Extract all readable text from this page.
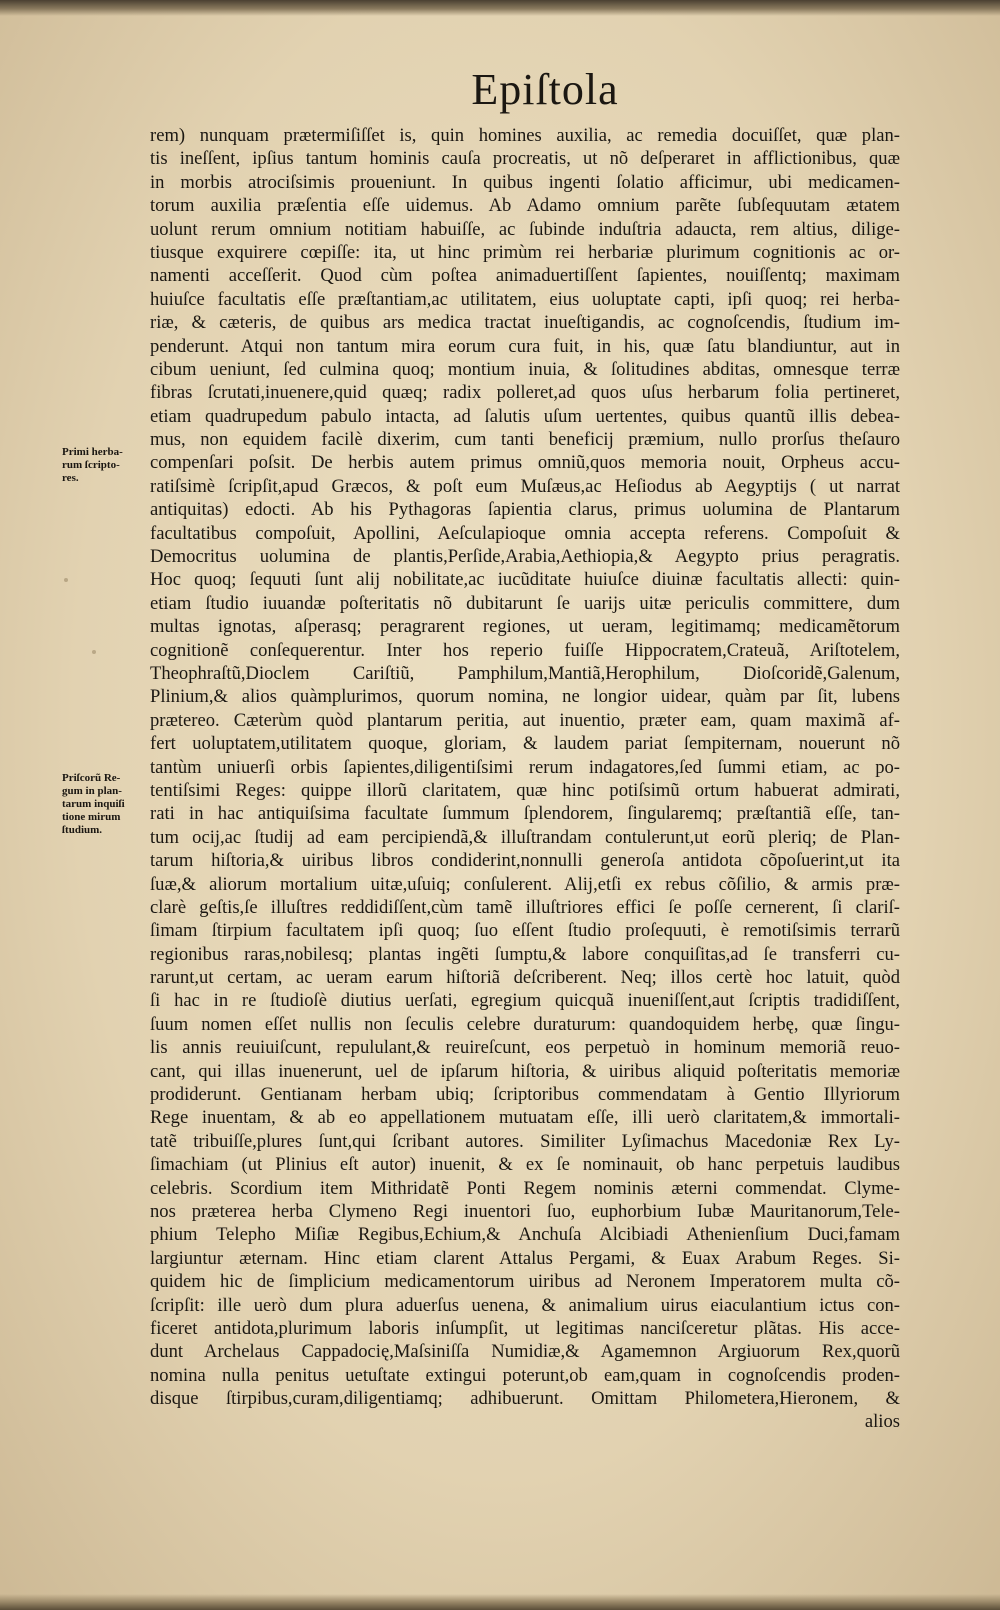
Epiſtola
Primi herba-
rum ſcripto-
res.
Priſcorũ Re-
gum in plan-
tarum inquiſi
tione mirum
ſtudium.
rem) nunquam prætermiſiſſet is, quin homines auxilia, ac remedia docuiſſet, quæ plan-
tis ineſſent, ipſius tantum hominis cauſa procreatis, ut nõ deſperaret in afflictionibus, quæ
in morbis atrociſsimis proueniunt. In quibus ingenti ſolatio afficimur, ubi medicamen-
torum auxilia præſentia eſſe uidemus. Ab Adamo omnium parẽte ſubſequutam ætatem
uolunt rerum omnium notitiam habuiſſe, ac ſubinde induſtria adaucta, rem altius, dilige-
tiusque exquirere cœpiſſe: ita, ut hinc primùm rei herbariæ plurimum cognitionis ac or-
namenti acceſſerit. Quod cùm poſtea animaduertiſſent ſapientes, nouiſſentq; maximam
huiuſce facultatis eſſe præſtantiam,ac utilitatem, eius uoluptate capti, ipſi quoq; rei herba-
riæ, & cæteris, de quibus ars medica tractat inueſtigandis, ac cognoſcendis, ſtudium im-
penderunt. Atqui non tantum mira eorum cura fuit, in his, quæ ſatu blandiuntur, aut in
cibum ueniunt, ſed culmina quoq; montium inuia, & ſolitudines abditas, omnesque terræ
fibras ſcrutati,inuenere,quid quæq; radix polleret,ad quos uſus herbarum folia pertineret,
etiam quadrupedum pabulo intacta, ad ſalutis uſum uertentes, quibus quantũ illis debea-
mus, non equidem facilè dixerim, cum tanti beneficij præmium, nullo prorſus theſauro
compenſari poſsit. De herbis autem primus omniũ,quos memoria nouit, Orpheus accu-
ratiſsimè ſcripſit,apud Græcos, & poſt eum Muſæus,ac Heſiodus ab Aegyptijs ( ut narrat
antiquitas) edocti. Ab his Pythagoras ſapientia clarus, primus uolumina de Plantarum
facultatibus compoſuit, Apollini, Aeſculapioque omnia accepta referens. Compoſuit &
Democritus uolumina de plantis,Perſide,Arabia,Aethiopia,& Aegypto prius peragratis.
Hoc quoq; ſequuti ſunt alij nobilitate,ac iucũditate huiuſce diuinæ facultatis allecti: quin-
etiam ſtudio iuuandæ poſteritatis nõ dubitarunt ſe uarijs uitæ periculis committere, dum
multas ignotas, aſperasq; peragrarent regiones, ut ueram, legitimamq; medicamẽtorum
cognitionẽ conſequerentur. Inter hos reperio fuiſſe Hippocratem,Crateuã, Ariſtotelem,
Theophraſtũ,Dioclem Cariſtiũ, Pamphilum,Mantiã,Herophilum, Dioſcoridẽ,Galenum,
Plinium,& alios quàmplurimos, quorum nomina, ne longior uidear, quàm par ſit, lubens
prætereo. Cæterùm quòd plantarum peritia, aut inuentio, præter eam, quam maximã af-
fert uoluptatem,utilitatem quoque, gloriam, & laudem pariat ſempiternam, nouerunt nõ
tantùm uniuerſi orbis ſapientes,diligentiſsimi rerum indagatores,ſed ſummi etiam, ac po-
tentiſsimi Reges: quippe illorũ claritatem, quæ hinc potiſsimũ ortum habuerat admirati,
rati in hac antiquiſsima facultate ſummum ſplendorem, ſingularemq; præſtantiã eſſe, tan-
tum ocij,ac ſtudij ad eam percipiendã,& illuſtrandam contulerunt,ut eorũ pleriq; de Plan-
tarum hiſtoria,& uiribus libros condiderint,nonnulli generoſa antidota cõpoſuerint,ut ita
ſuæ,& aliorum mortalium uitæ,uſuiq; conſulerent. Alij,etſi ex rebus cõſilio, & armis præ-
clarè geſtis,ſe illuſtres reddidiſſent,cùm tamẽ illuſtriores effici ſe poſſe cernerent, ſi clariſ-
ſimam ſtirpium facultatem ipſi quoq; ſuo eſſent ſtudio proſequuti, è remotiſsimis terrarũ
regionibus raras,nobilesq; plantas ingẽti ſumptu,& labore conquiſitas,ad ſe transferri cu-
rarunt,ut certam, ac ueram earum hiſtoriã deſcriberent. Neq; illos certè hoc latuit, quòd
ſi hac in re ſtudioſè diutius uerſati, egregium quicquã inueniſſent,aut ſcriptis tradidiſſent,
ſuum nomen eſſet nullis non ſeculis celebre duraturum: quandoquidem herbę, quæ ſingu-
lis annis reuiuiſcunt, repululant,& reuireſcunt, eos perpetuò in hominum memoriã reuo-
cant, qui illas inuenerunt, uel de ipſarum hiſtoria, & uiribus aliquid poſteritatis memoriæ
prodiderunt. Gentianam herbam ubiq; ſcriptoribus commendatam à Gentio Illyriorum
Rege inuentam, & ab eo appellationem mutuatam eſſe, illi uerò claritatem,& immortali-
tatẽ tribuiſſe,plures ſunt,qui ſcribant autores. Similiter Lyſimachus Macedoniæ Rex Ly-
ſimachiam (ut Plinius eſt autor) inuenit, & ex ſe nominauit, ob hanc perpetuis laudibus
celebris. Scordium item Mithridatẽ Ponti Regem nominis æterni commendat. Clyme-
nos præterea herba Clymeno Regi inuentori ſuo, euphorbium Iubæ Mauritanorum,Tele-
phium Telepho Miſiæ Regibus,Echium,& Anchuſa Alcibiadi Athenienſium Duci,famam
largiuntur æternam. Hinc etiam clarent Attalus Pergami, & Euax Arabum Reges. Si-
quidem hic de ſimplicium medicamentorum uiribus ad Neronem Imperatorem multa cõ-
ſcripſit: ille uerò dum plura aduerſus uenena, & animalium uirus eiaculantium ictus con-
ficeret antidota,plurimum laboris inſumpſit, ut legitimas nanciſceretur plãtas. His acce-
dunt Archelaus Cappadocię,Maſsiniſſa Numidiæ,& Agamemnon Argiuorum Rex,quorũ
nomina nulla penitus uetuſtate extingui poterunt,ob eam,quam in cognoſcendis proden-
disque ſtirpibus,curam,diligentiamq; adhibuerunt. Omittam Philometera,Hieronem, &
alios
